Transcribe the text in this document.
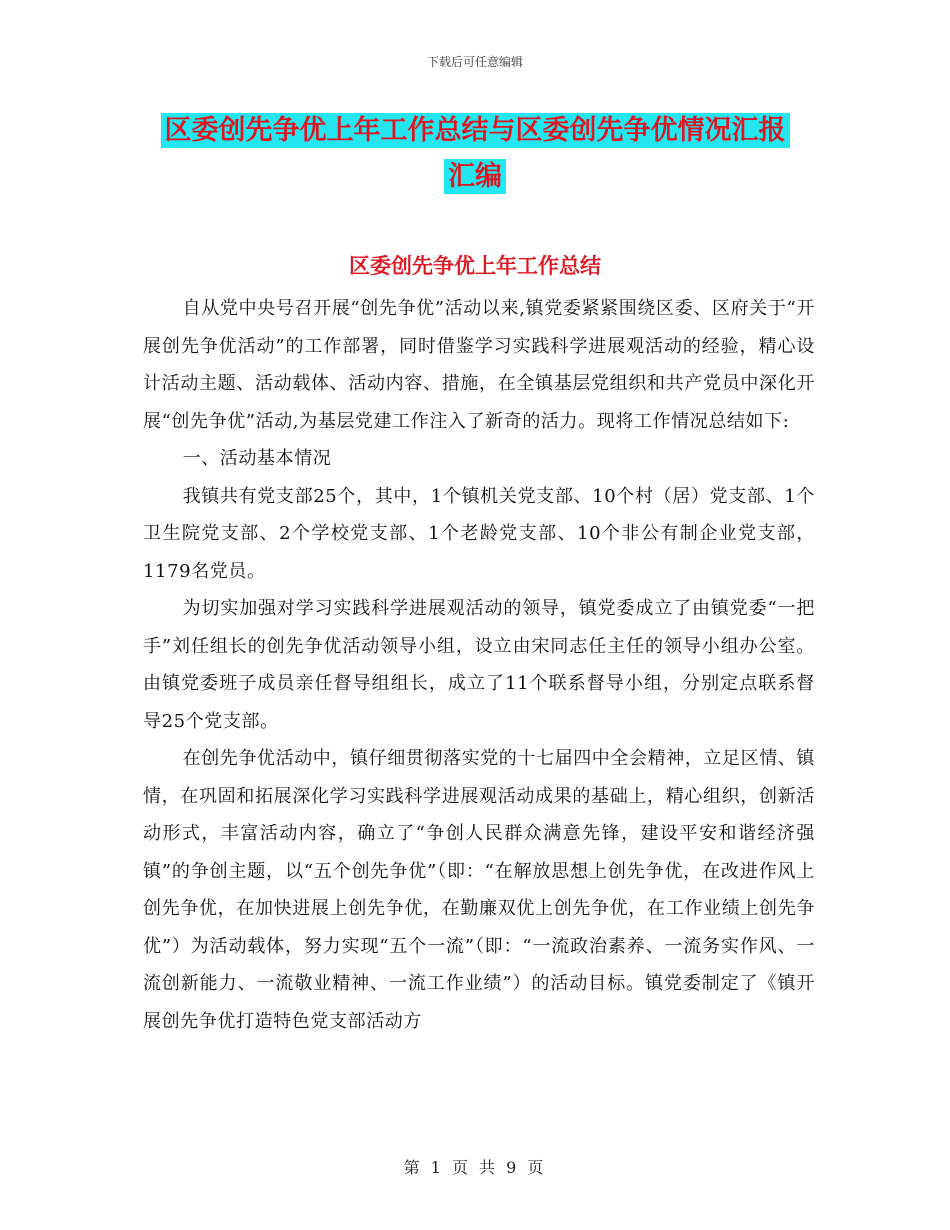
下载后可任意编辑
区委创先争优上年工作总结与区委创先争优情况汇报
汇编
区委创先争优上年工作总结

自从党中央号召开展“创先争优”活动以来,镇党委紧紧围绕区委、区府关于“开展创先争优活动”的工作部署，同时借鉴学习实践科学进展观活动的经验，精心设计活动主题、活动载体、活动内容、措施，在全镇基层党组织和共产党员中深化开展“创先争优”活动,为基层党建工作注入了新奇的活力。现将工作情况总结如下:

一、活动基本情况

我镇共有党支部25个，其中，1个镇机关党支部、10个村（居）党支部、1个卫生院党支部、2个学校党支部、1个老龄党支部、10个非公有制企业党支部，1179名党员。

为切实加强对学习实践科学进展观活动的领导，镇党委成立了由镇党委“一把手”刘任组长的创先争优活动领导小组，设立由宋同志任主任的领导小组办公室。由镇党委班子成员亲任督导组组长，成立了11个联系督导小组，分别定点联系督导25个党支部。

在创先争优活动中，镇仔细贯彻落实党的十七届四中全会精神，立足区情、镇情，在巩固和拓展深化学习实践科学进展观活动成果的基础上，精心组织，创新活动形式，丰富活动内容，确立了“争创人民群众满意先锋，建设平安和谐经济强镇”的争创主题，以“五个创先争优”（即：“在解放思想上创先争优，在改进作风上创先争优，在加快进展上创先争优，在勤廉双优上创先争优，在工作业绩上创先争优”）为活动载体，努力实现“五个一流”（即：“一流政治素养、一流务实作风、一流创新能力、一流敬业精神、一流工作业绩”）的活动目标。镇党委制定了《镇开展创先争优打造特色党支部活动方

第 1 页 共 9 页
